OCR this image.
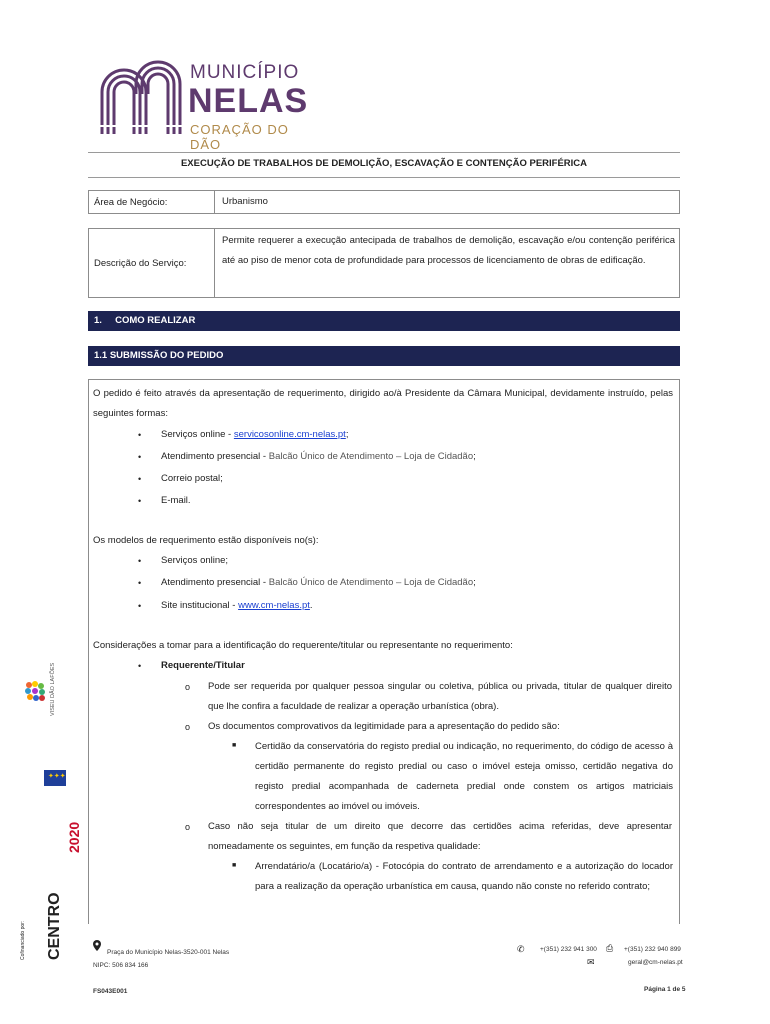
MUNICÍPIO
NELAS
CORAÇÃO DO DÃO
EXECUÇÃO DE TRABALHOS DE DEMOLIÇÃO, ESCAVAÇÃO E CONTENÇÃO PERIFÉRICA
Área de Negócio:	Urbanismo
Descrição do Serviço:
Permite requerer a execução antecipada de trabalhos de demolição, escavação e/ou contenção periférica até ao piso de menor cota de profundidade para processos de licenciamento de obras de edificação.
1.     COMO REALIZAR
1.1 SUBMISSÃO DO PEDIDO
O pedido é feito através da apresentação de requerimento, dirigido ao/à Presidente da Câmara Municipal, devidamente instruído, pelas seguintes formas:
• Serviços online - servicosonline.cm-nelas.pt;
• Atendimento presencial - Balcão Único de Atendimento – Loja de Cidadão;
• Correio postal;
• E-mail.
Os modelos de requerimento estão disponíveis no(s):
• Serviços online;
• Atendimento presencial - Balcão Único de Atendimento – Loja de Cidadão;
• Site institucional - www.cm-nelas.pt.
Considerações a tomar para a identificação do requerente/titular ou representante no requerimento:
• Requerente/Titular
o Pode ser requerida por qualquer pessoa singular ou coletiva, pública ou privada, titular de qualquer direito que lhe confira a faculdade de realizar a operação urbanística (obra).
o Os documentos comprovativos da legitimidade para a apresentação do pedido são:
■ Certidão da conservatória do registo predial ou indicação, no requerimento, do código de acesso à certidão permanente do registo predial ou caso o imóvel esteja omisso, certidão negativa do registo predial acompanhada de caderneta predial onde constem os artigos matriciais correspondentes ao imóvel ou imóveis.
o Caso não seja titular de um direito que decorre das certidões acima referidas, deve apresentar nomeadamente os seguintes, em função da respetiva qualidade:
■ Arrendatário/a (Locatário/a) - Fotocópia do contrato de arrendamento e a autorização do locador para a realização da operação urbanística em causa, quando não conste no referido contrato;
Cofinanciado por:
VISEU DÃO LAFÕES
✦✦✦
2020
CENTRO	Praça do Município Nelas-3520-001 Nelas
NIPC: 506 834 166
✆ +(351) 232 941 300 ⎙ +(351) 232 940 899
✉	geral@cm-nelas.pt
FS043E001	Página 1 de 5
